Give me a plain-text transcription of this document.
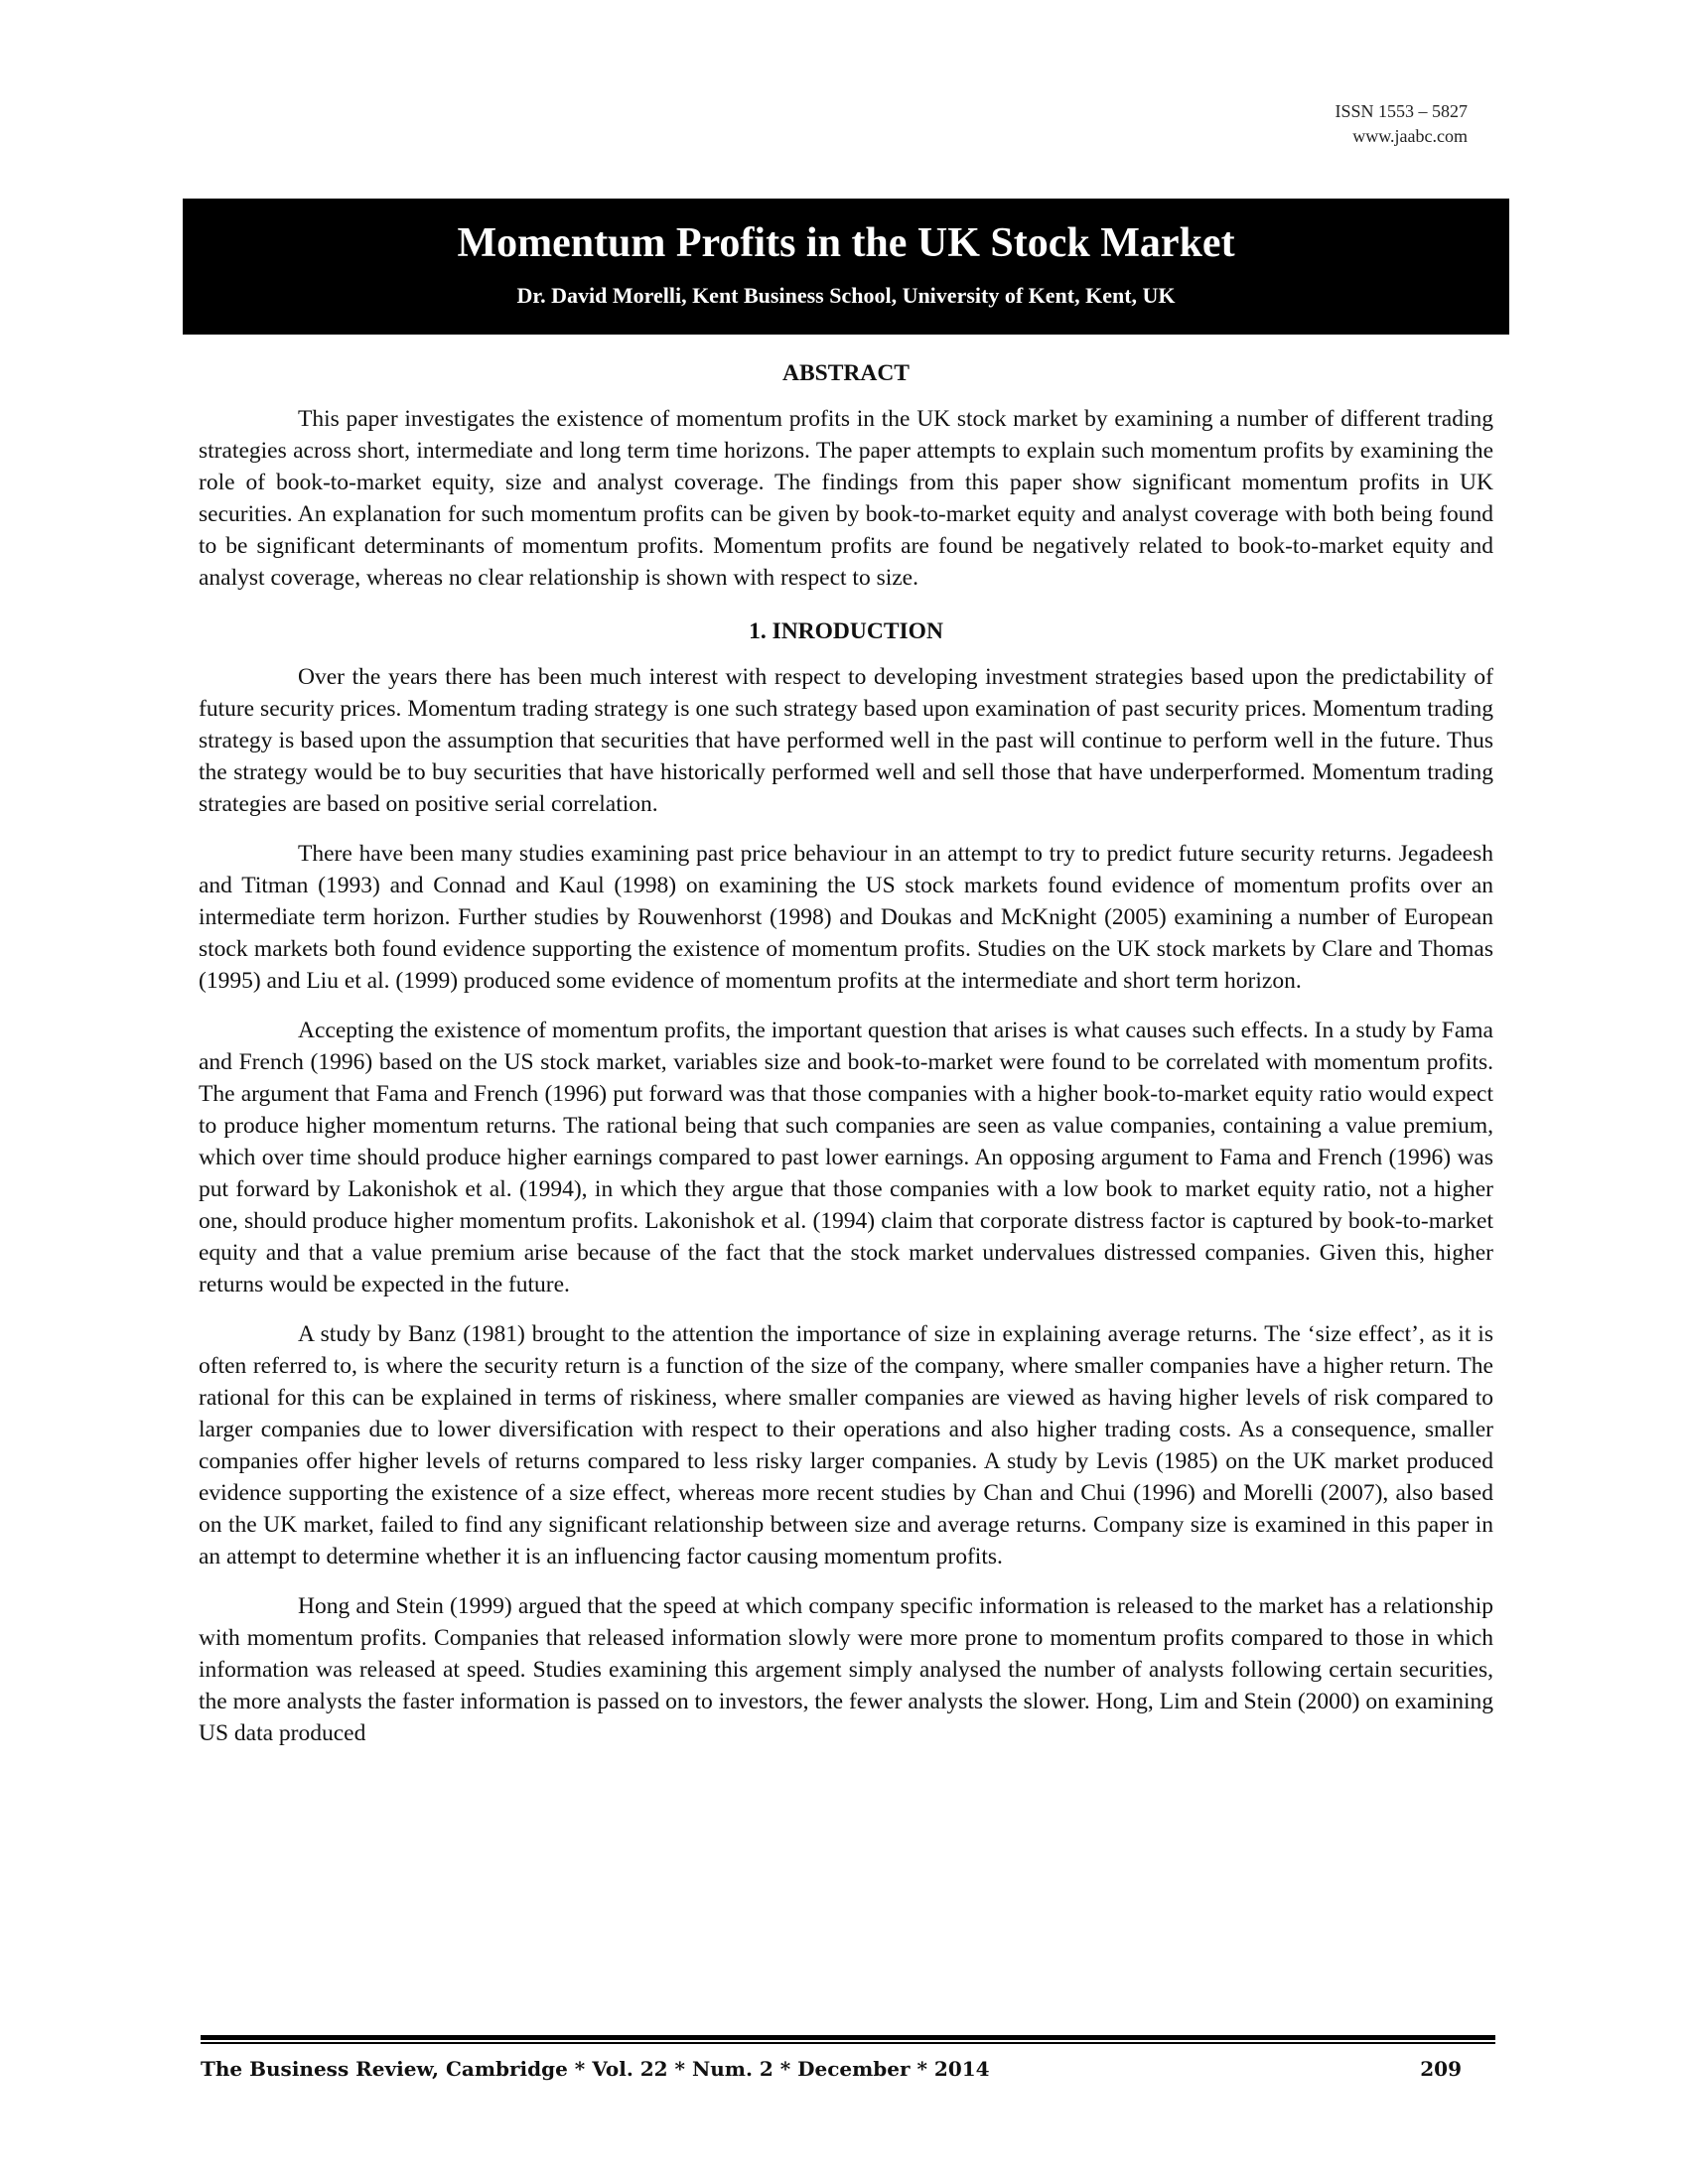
ISSN 1553 – 5827
www.jaabc.com
Momentum Profits in the UK Stock Market
Dr. David Morelli, Kent Business School, University of Kent, Kent, UK
ABSTRACT

This paper investigates the existence of momentum profits in the UK stock market by examining a number of different trading strategies across short, intermediate and long term time horizons. The paper attempts to explain such momentum profits by examining the role of book-to-market equity, size and analyst coverage. The findings from this paper show significant momentum profits in UK securities. An explanation for such momentum profits can be given by book-to-market equity and analyst coverage with both being found to be significant determinants of momentum profits. Momentum profits are found be negatively related to book-to-market equity and analyst coverage, whereas no clear relationship is shown with respect to size.

1. INRODUCTION

Over the years there has been much interest with respect to developing investment strategies based upon the predictability of future security prices. Momentum trading strategy is one such strategy based upon examination of past security prices. Momentum trading strategy is based upon the assumption that securities that have performed well in the past will continue to perform well in the future. Thus the strategy would be to buy securities that have historically performed well and sell those that have underperformed. Momentum trading strategies are based on positive serial correlation.

There have been many studies examining past price behaviour in an attempt to try to predict future security returns. Jegadeesh and Titman (1993) and Connad and Kaul (1998) on examining the US stock markets found evidence of momentum profits over an intermediate term horizon. Further studies by Rouwenhorst (1998) and Doukas and McKnight (2005) examining a number of European stock markets both found evidence supporting the existence of momentum profits. Studies on the UK stock markets by Clare and Thomas (1995) and Liu et al. (1999) produced some evidence of momentum profits at the intermediate and short term horizon.

Accepting the existence of momentum profits, the important question that arises is what causes such effects. In a study by Fama and French (1996) based on the US stock market, variables size and book-to-market were found to be correlated with momentum profits. The argument that Fama and French (1996) put forward was that those companies with a higher book-to-market equity ratio would expect to produce higher momentum returns. The rational being that such companies are seen as value companies, containing a value premium, which over time should produce higher earnings compared to past lower earnings. An opposing argument to Fama and French (1996) was put forward by Lakonishok et al. (1994), in which they argue that those companies with a low book to market equity ratio, not a higher one, should produce higher momentum profits. Lakonishok et al. (1994) claim that corporate distress factor is captured by book-to-market equity and that a value premium arise because of the fact that the stock market undervalues distressed companies. Given this, higher returns would be expected in the future.

A study by Banz (1981) brought to the attention the importance of size in explaining average returns. The ‘size effect’, as it is often referred to, is where the security return is a function of the size of the company, where smaller companies have a higher return. The rational for this can be explained in terms of riskiness, where smaller companies are viewed as having higher levels of risk compared to larger companies due to lower diversification with respect to their operations and also higher trading costs. As a consequence, smaller companies offer higher levels of returns compared to less risky larger companies. A study by Levis (1985) on the UK market produced evidence supporting the existence of a size effect, whereas more recent studies by Chan and Chui (1996) and Morelli (2007), also based on the UK market, failed to find any significant relationship between size and average returns. Company size is examined in this paper in an attempt to determine whether it is an influencing factor causing momentum profits.

Hong and Stein (1999) argued that the speed at which company specific information is released to the market has a relationship with momentum profits. Companies that released information slowly were more prone to momentum profits compared to those in which information was released at speed. Studies examining this argement simply analysed the number of analysts following certain securities, the more analysts the faster information is passed on to investors, the fewer analysts the slower. Hong, Lim and Stein (2000) on examining US data produced

The Business Review, Cambridge * Vol. 22 * Num. 2 * December * 2014	209
